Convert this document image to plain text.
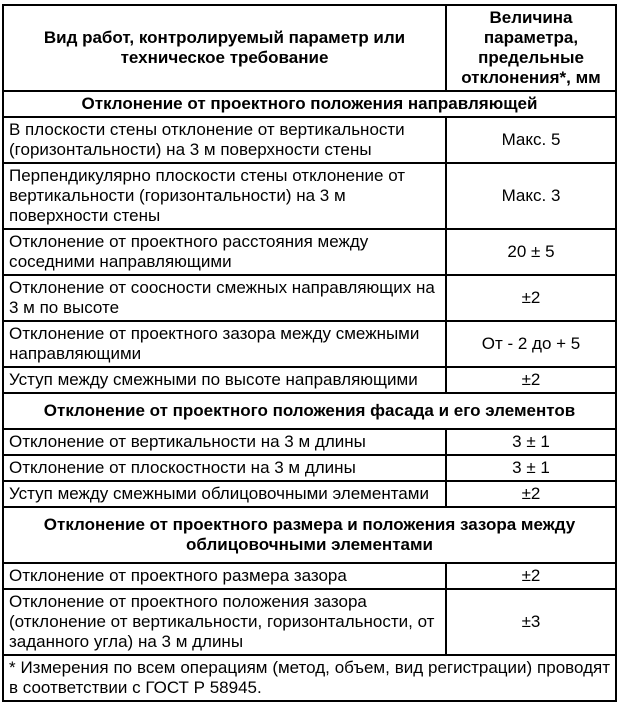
Вид работ, контролируемый параметр или техническое требование	Величина параметра, предельные отклонения*, мм
Отклонение от проектного положения направляющей	
В плоскости стены отклонение от вертикальности (горизонтальности) на 3 м поверхности стены	Макс. 5
Перпендикулярно плоскости стены отклонение от вертикальности (горизонтальности) на 3 м поверхности стены	Макс. 3
Отклонение от проектного расстояния между соседними направляющими	20 ± 5
Отклонение от соосности смежных направляющих на 3 м по высоте	±2
Отклонение от проектного зазора между смежными направляющими	От - 2 до + 5
Уступ между смежными по высоте направляющими	±2
Отклонение от проектного положения фасада и его элементов	
Отклонение от вертикальности на 3 м длины	3 ± 1
Отклонение от плоскостности на 3 м длины	3 ± 1
Уступ между смежными облицовочными элементами	±2
Отклонение от проектного размера и положения зазора между облицовочными элементами	
Отклонение от проектного размера зазора	±2
Отклонение от проектного положения зазора (отклонение от вертикальности, горизонтальности, от заданного угла) на 3 м длины	±3
* Измерения по всем операциям (метод, объем, вид регистрации) проводят в соответствии с ГОСТ Р 58945.	
